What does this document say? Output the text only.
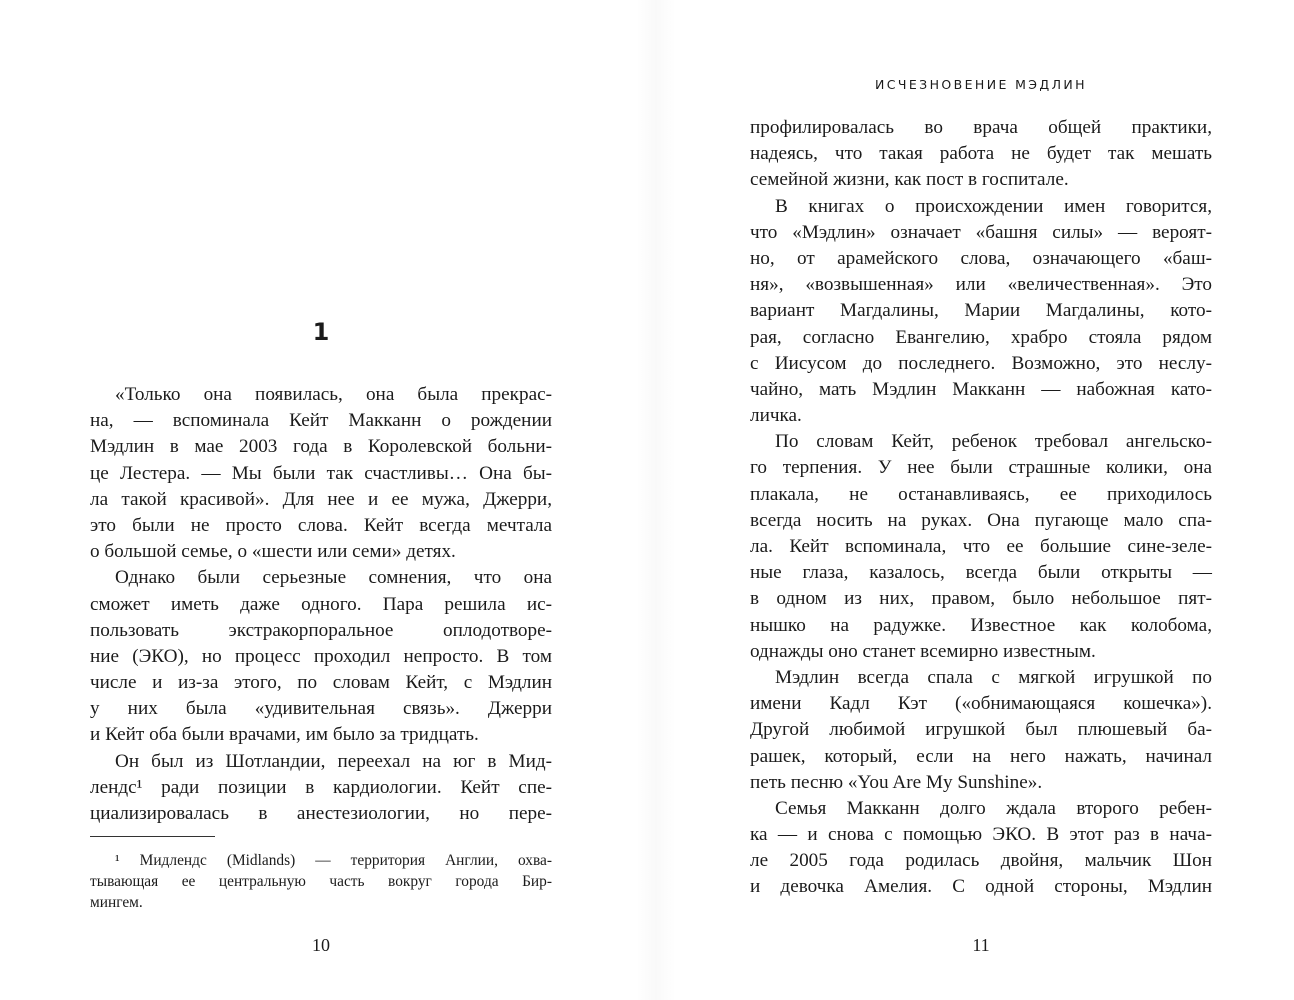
1
«Только она появилась, она была прекрас-
на, — вспоминала Кейт Макканн о рождении
Мэдлин в мае 2003 года в Королевской больни-
це Лестера. — Мы были так счастливы… Она бы-
ла такой красивой». Для нее и ее мужа, Джерри,
это были не просто слова. Кейт всегда мечтала
о большой семье, о «шести или семи» детях.
Однако были серьезные сомнения, что она
сможет иметь даже одного. Пара решила ис-
пользовать экстракорпоральное оплодотворе-
ние (ЭКО), но процесс проходил непросто. В том
числе и из-за этого, по словам Кейт, с Мэдлин
у них была «удивительная связь». Джерри
и Кейт оба были врачами, им было за тридцать.
Он был из Шотландии, переехал на юг в Мид-
лендс¹ ради позиции в кардиологии. Кейт спе-
циализировалась в анестезиологии, но пере-
¹ Мидлендс (Midlands) — территория Англии, охва-
тывающая ее центральную часть вокруг города Бир-
мингем.
10
ИСЧЕЗНОВЕНИЕ МЭДЛИН
профилировалась во врача общей практики,
надеясь, что такая работа не будет так мешать
семейной жизни, как пост в госпитале.
В книгах о происхождении имен говорится,
что «Мэдлин» означает «башня силы» — вероят-
но, от арамейского слова, означающего «баш-
ня», «возвышенная» или «величественная». Это
вариант Магдалины, Марии Магдалины, кото-
рая, согласно Евангелию, храбро стояла рядом
с Иисусом до последнего. Возможно, это неслу-
чайно, мать Мэдлин Макканн — набожная като-
личка.
По словам Кейт, ребенок требовал ангельско-
го терпения. У нее были страшные колики, она
плакала, не останавливаясь, ее приходилось
всегда носить на руках. Она пугающе мало спа-
ла. Кейт вспоминала, что ее большие сине-зеле-
ные глаза, казалось, всегда были открыты —
в одном из них, правом, было небольшое пят-
нышко на радужке. Известное как колобома,
однажды оно станет всемирно известным.
Мэдлин всегда спала с мягкой игрушкой по
имени Кадл Кэт («обнимающаяся кошечка»).
Другой любимой игрушкой был плюшевый ба-
рашек, который, если на него нажать, начинал
петь песню «You Are My Sunshine».
Семья Макканн долго ждала второго ребен-
ка — и снова с помощью ЭКО. В этот раз в нача-
ле 2005 года родилась двойня, мальчик Шон
и девочка Амелия. С одной стороны, Мэдлин
11
